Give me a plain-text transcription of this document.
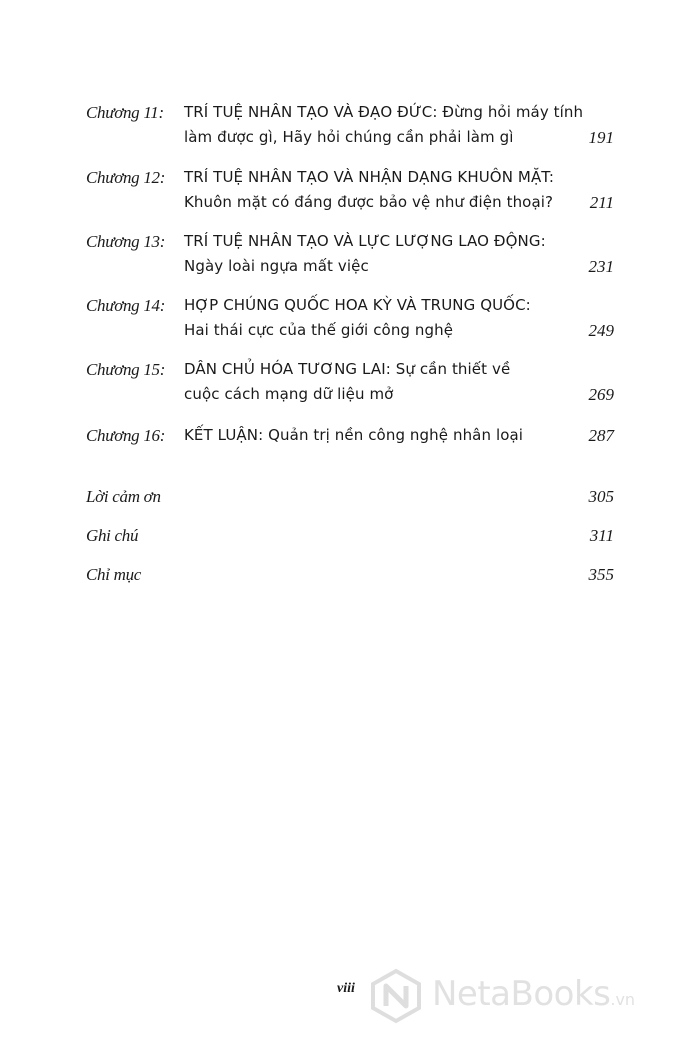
Chương 11: TRÍ TUỆ NHÂN TẠO VÀ ĐẠO ĐỨC: Đừng hỏi máy tính
làm được gì, Hãy hỏi chúng cần phải làm gì	191
Chương 12: TRÍ TUỆ NHÂN TẠO VÀ NHẬN DẠNG KHUÔN MẶT:
Khuôn mặt có đáng được bảo vệ như điện thoại? 211
Chương 13: TRÍ TUỆ NHÂN TẠO VÀ LỰC LƯỢNG LAO ĐỘNG:
Ngày loài ngựa mất việc	231
Chương 14: HỢP CHÚNG QUỐC HOA KỲ VÀ TRUNG QUỐC:
Hai thái cực của thế giới công nghệ	249
Chương 15: DÂN CHỦ HÓA TƯƠNG LAI: Sự cần thiết về
cuộc cách mạng dữ liệu mở	269
Chương 16: KẾT LUẬN: Quản trị nền công nghệ nhân loại	287
Lời cảm ơn	305
Ghi chú	311
Chỉ mục	355
viii	NetaBooks.vn
